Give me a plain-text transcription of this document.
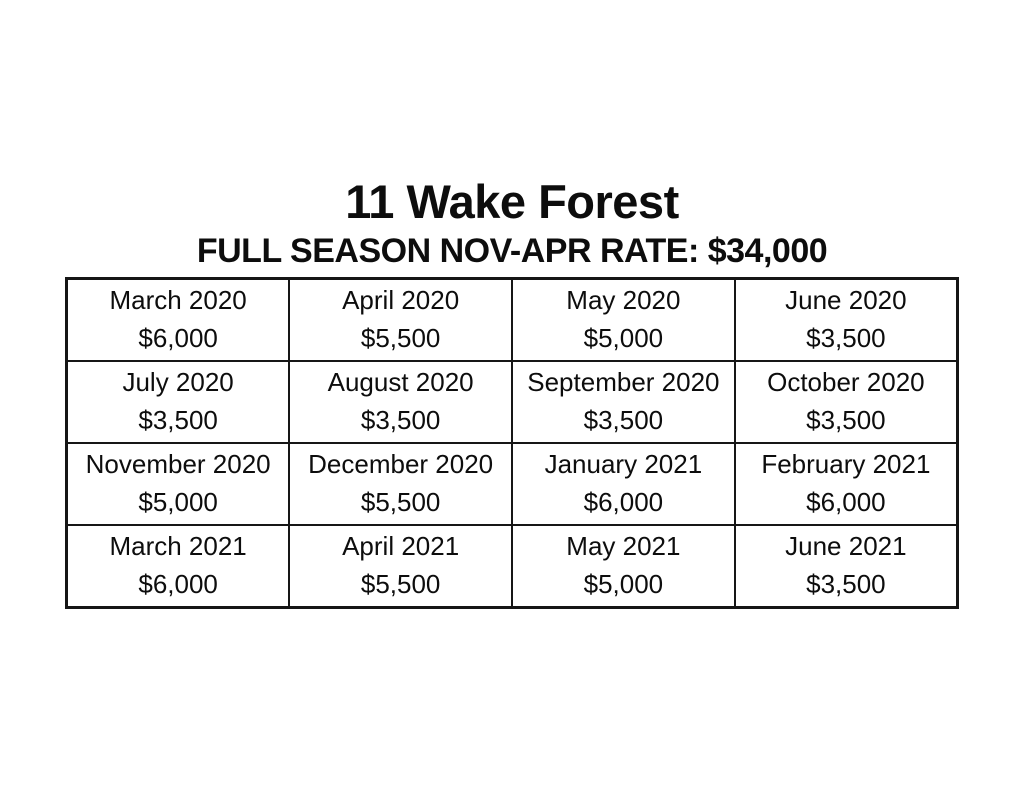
11 Wake Forest
FULL SEASON NOV-APR RATE: $34,000
March 2020
$6,000	April 2020
$5,500	May 2020
$5,000	June 2020
$3,500

July 2020
$3,500	August 2020
$3,500	September 2020
$3,500	October 2020
$3,500

November 2020
$5,000	December 2020
$5,500	January 2021
$6,000	February 2021
$6,000

March 2021
$6,000	April 2021
$5,500	May 2021
$5,000	June 2021
$3,500
